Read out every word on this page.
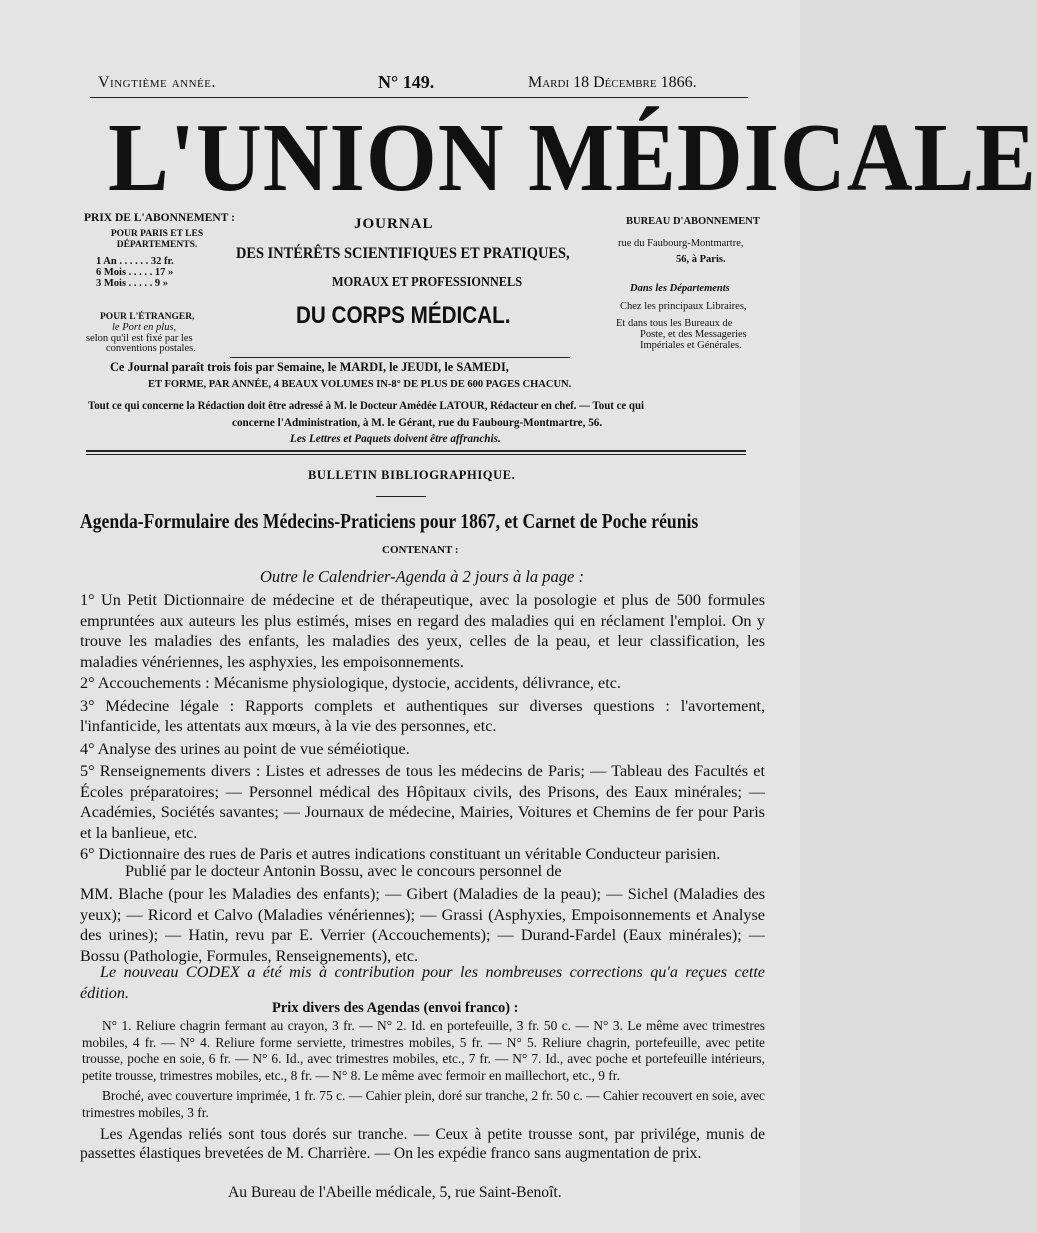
Vingtième année.	N° 149.	Mardi 18 Décembre 1866.
L'UNION MÉDICALE
PRIX DE L'ABONNEMENT :
POUR PARIS ET LES DÉPARTEMENTS.
1 An . . . . . . 32 fr.
6 Mois . . . . . 17 »
3 Mois . . . . . 9 »
POUR L'ÉTRANGER,
le Port en plus,
selon qu'il est fixé par les
conventions postales.
JOURNAL
DES INTÉRÊTS SCIENTIFIQUES ET PRATIQUES,
MORAUX ET PROFESSIONNELS
DU CORPS MÉDICAL.
BUREAU D'ABONNEMENT
rue du Faubourg-Montmartre,
56, à Paris.
Dans les Départements
Chez les principaux Libraires,
Et dans tous les Bureaux de
Poste, et des Messageries
Impériales et Générales.
Ce Journal paraît trois fois par Semaine, le MARDI, le JEUDI, le SAMEDI,
ET FORME, PAR ANNÉE, 4 BEAUX VOLUMES IN-8° DE PLUS DE 600 PAGES CHACUN.
Tout ce qui concerne la Rédaction doit être adressé à M. le Docteur Amédée LATOUR, Rédacteur en chef. — Tout ce qui
concerne l'Administration, à M. le Gérant, rue du Faubourg-Montmartre, 56.
Les Lettres et Paquets doivent être affranchis.
BULLETIN BIBLIOGRAPHIQUE.
Agenda-Formulaire des Médecins-Praticiens pour 1867, et Carnet de Poche réunis
CONTENANT :
Outre le Calendrier-Agenda à 2 jours à la page :

1° Un Petit Dictionnaire de médecine et de thérapeutique, avec la posologie et plus de 500 formules empruntées aux auteurs les plus estimés, mises en regard des maladies qui en réclament l'emploi. On y trouve les maladies des enfants, les maladies des yeux, celles de la peau, et leur classification, les maladies vénériennes, les asphyxies, les empoisonnements.

2° Accouchements : Mécanisme physiologique, dystocie, accidents, délivrance, etc.

3° Médecine légale : Rapports complets et authentiques sur diverses questions : l'avortement, l'infanticide, les attentats aux mœurs, à la vie des personnes, etc.

4° Analyse des urines au point de vue séméiotique.

5° Renseignements divers : Listes et adresses de tous les médecins de Paris; — Tableau des Facultés et Écoles préparatoires; — Personnel médical des Hôpitaux civils, des Prisons, des Eaux minérales; — Académies, Sociétés savantes; — Journaux de médecine, Mairies, Voitures et Chemins de fer pour Paris et la banlieue, etc.

6° Dictionnaire des rues de Paris et autres indications constituant un véritable Conducteur parisien.

Publié par le docteur Antonin Bossu, avec le concours personnel de

MM. Blache (pour les Maladies des enfants); — Gibert (Maladies de la peau); — Sichel (Maladies des yeux); — Ricord et Calvo (Maladies vénériennes); — Grassi (Asphyxies, Empoisonnements et Analyse des urines); — Hatin, revu par E. Verrier (Accouchements); — Durand-Fardel (Eaux minérales); — Bossu (Pathologie, Formules, Renseignements), etc.

Le nouveau CODEX a été mis à contribution pour les nombreuses corrections qu'a reçues cette édition.

Prix divers des Agendas (envoi franco) :

N° 1. Reliure chagrin fermant au crayon, 3 fr. — N° 2. Id. en portefeuille, 3 fr. 50 c. — N° 3. Le même avec trimestres mobiles, 4 fr. — N° 4. Reliure forme serviette, trimestres mobiles, 5 fr. — N° 5. Reliure chagrin, portefeuille, avec petite trousse, poche en soie, 6 fr. — N° 6. Id., avec trimestres mobiles, etc., 7 fr. — N° 7. Id., avec poche et portefeuille intérieurs, petite trousse, trimestres mobiles, etc., 8 fr. — N° 8. Le même avec fermoir en maillechort, etc., 9 fr.

Broché, avec couverture imprimée, 1 fr. 75 c. — Cahier plein, doré sur tranche, 2 fr. 50 c. — Cahier recouvert en soie, avec trimestres mobiles, 3 fr.

Les Agendas reliés sont tous dorés sur tranche. — Ceux à petite trousse sont, par privilége, munis de passettes élastiques brevetées de M. Charrière. — On les expédie franco sans augmentation de prix.

Au Bureau de l'Abeille médicale, 5, rue Saint-Benoît.
